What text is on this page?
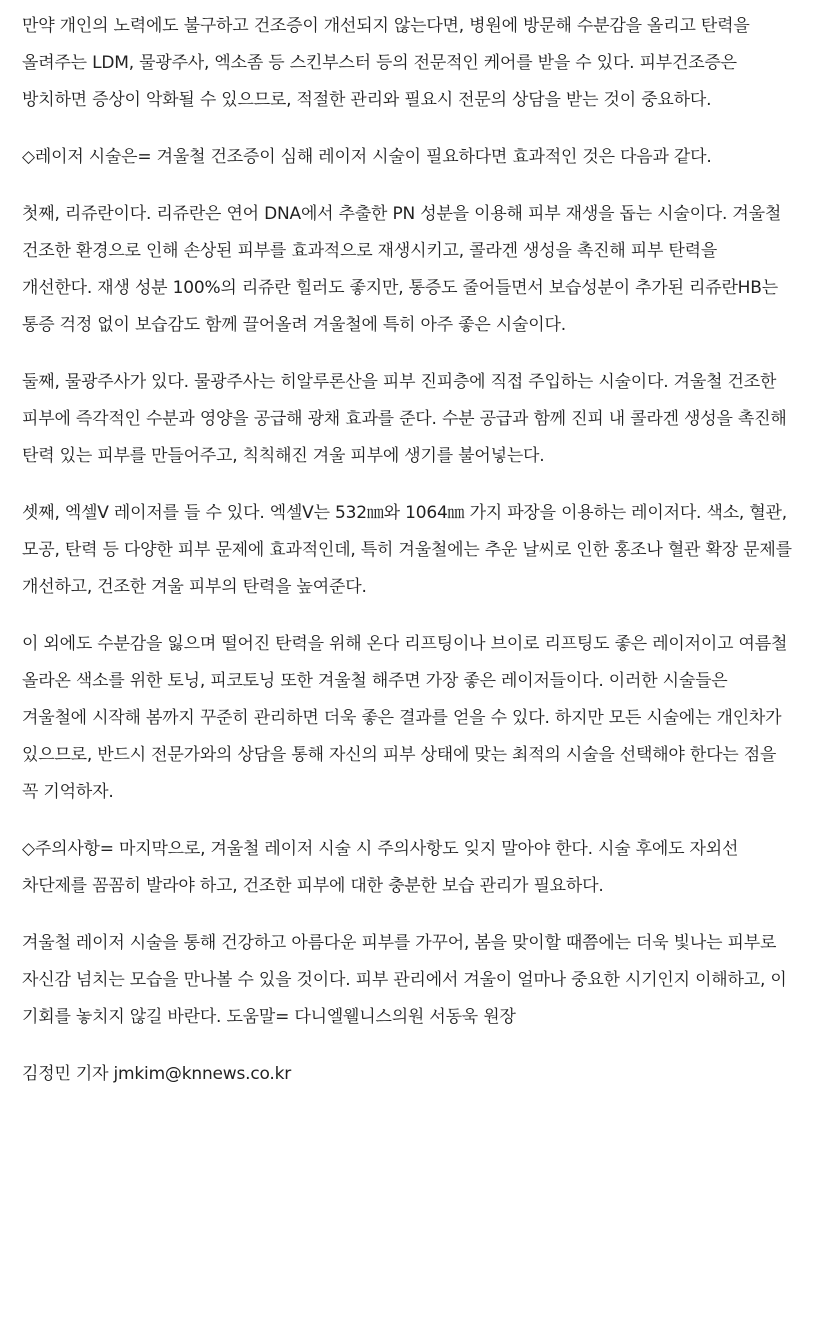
만약 개인의 노력에도 불구하고 건조증이 개선되지 않는다면, 병원에 방문해 수분감을 올리고 탄력을 올려주는 LDM, 물광주사, 엑소좀 등 스킨부스터 등의 전문적인 케어를 받을 수 있다. 피부건조증은 방치하면 증상이 악화될 수 있으므로, 적절한 관리와 필요시 전문의 상담을 받는 것이 중요하다.

◇레이저 시술은= 겨울철 건조증이 심해 레이저 시술이 필요하다면 효과적인 것은 다음과 같다.

첫째, 리쥬란이다. 리쥬란은 연어 DNA에서 추출한 PN 성분을 이용해 피부 재생을 돕는 시술이다. 겨울철 건조한 환경으로 인해 손상된 피부를 효과적으로 재생시키고, 콜라겐 생성을 촉진해 피부 탄력을 개선한다. 재생 성분 100%의 리쥬란 힐러도 좋지만, 통증도 줄어들면서 보습성분이 추가된 리쥬란HB는 통증 걱정 없이 보습감도 함께 끌어올려 겨울철에 특히 아주 좋은 시술이다.

둘째, 물광주사가 있다. 물광주사는 히알루론산을 피부 진피층에 직접 주입하는 시술이다. 겨울철 건조한 피부에 즉각적인 수분과 영양을 공급해 광채 효과를 준다. 수분 공급과 함께 진피 내 콜라겐 생성을 촉진해 탄력 있는 피부를 만들어주고, 칙칙해진 겨울 피부에 생기를 불어넣는다.

셋째, 엑셀V 레이저를 들 수 있다. 엑셀V는 532㎚와 1064㎚ 가지 파장을 이용하는 레이저다. 색소, 혈관, 모공, 탄력 등 다양한 피부 문제에 효과적인데, 특히 겨울철에는 추운 날씨로 인한 홍조나 혈관 확장 문제를 개선하고, 건조한 겨울 피부의 탄력을 높여준다.

이 외에도 수분감을 잃으며 떨어진 탄력을 위해 온다 리프팅이나 브이로 리프팅도 좋은 레이저이고 여름철 올라온 색소를 위한 토닝, 피코토닝 또한 겨울철 해주면 가장 좋은 레이저들이다. 이러한 시술들은 겨울철에 시작해 봄까지 꾸준히 관리하면 더욱 좋은 결과를 얻을 수 있다. 하지만 모든 시술에는 개인차가 있으므로, 반드시 전문가와의 상담을 통해 자신의 피부 상태에 맞는 최적의 시술을 선택해야 한다는 점을 꼭 기억하자.

◇주의사항= 마지막으로, 겨울철 레이저 시술 시 주의사항도 잊지 말아야 한다. 시술 후에도 자외선 차단제를 꼼꼼히 발라야 하고, 건조한 피부에 대한 충분한 보습 관리가 필요하다.

겨울철 레이저 시술을 통해 건강하고 아름다운 피부를 가꾸어, 봄을 맞이할 때쯤에는 더욱 빛나는 피부로 자신감 넘치는 모습을 만나볼 수 있을 것이다. 피부 관리에서 겨울이 얼마나 중요한 시기인지 이해하고, 이 기회를 놓치지 않길 바란다. 도움말= 다니엘웰니스의원 서동욱 원장

김정민 기자 jmkim@knnews.co.kr
